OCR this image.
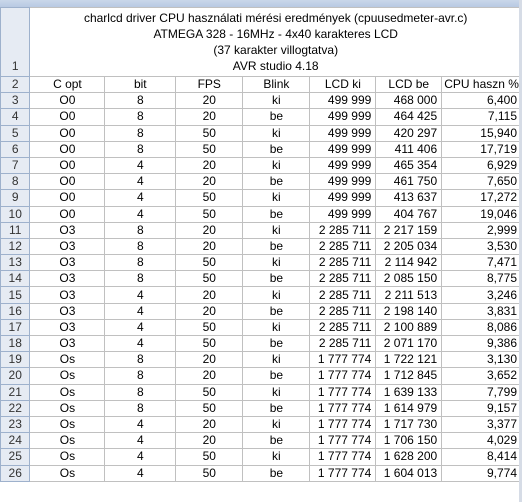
1	charlcd driver CPU használati mérési eredmények (cpuusedmeter-avr.c)
ATMEGA 328 - 16MHz - 4x40 karakteres LCD
(37 karakter villogtatva)
AVR studio 4.18						

2	C opt	bit	FPS	Blink	LCD ki	LCD be	CPU haszn %
3	O0	8	20	ki	499 999	468 000	6,400
4	O0	8	20	be	499 999	464 425	7,115
5	O0	8	50	ki	499 999	420 297	15,940
6	O0	8	50	be	499 999	411 406	17,719
7	O0	4	20	ki	499 999	465 354	6,929
8	O0	4	20	be	499 999	461 750	7,650
9	O0	4	50	ki	499 999	413 637	17,272
10	O0	4	50	be	499 999	404 767	19,046
11	O3	8	20	ki	2 285 711	2 217 159	2,999
12	O3	8	20	be	2 285 711	2 205 034	3,530
13	O3	8	50	ki	2 285 711	2 114 942	7,471
14	O3	8	50	be	2 285 711	2 085 150	8,775
15	O3	4	20	ki	2 285 711	2 211 513	3,246
16	O3	4	20	be	2 285 711	2 198 140	3,831
17	O3	4	50	ki	2 285 711	2 100 889	8,086
18	O3	4	50	be	2 285 711	2 071 170	9,386
19	Os	8	20	ki	1 777 774	1 722 121	3,130
20	Os	8	20	be	1 777 774	1 712 845	3,652
21	Os	8	50	ki	1 777 774	1 639 133	7,799
22	Os	8	50	be	1 777 774	1 614 979	9,157
23	Os	4	20	ki	1 777 774	1 717 730	3,377
24	Os	4	20	be	1 777 774	1 706 150	4,029
25	Os	4	50	ki	1 777 774	1 628 200	8,414
26	Os	4	50	be	1 777 774	1 604 013	9,774
